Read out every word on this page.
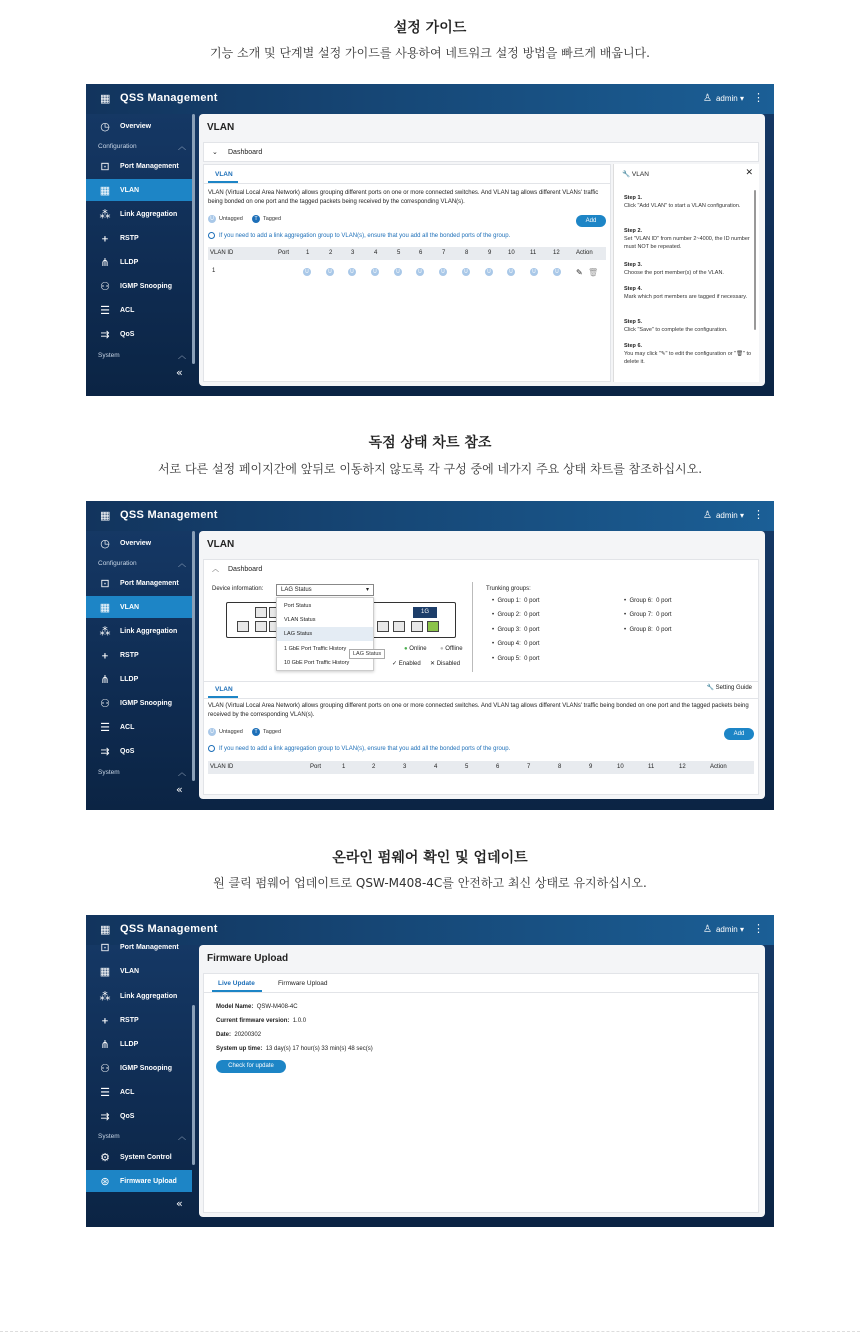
설정 가이드
기능 소개 및 단계별 설정 가이드를 사용하여 네트워크 설정 방법을 빠르게 배웁니다.
▦ QSS Management	♙ admin ▾ ⋮
◷	Overview
Configuration	︿
⊡	Port Management
▦ VLAN
⁂ Link Aggregation
ᚐ	RSTP
⋔	LLDP
⚇ IGMP Snooping
☰ ACL
⇉	QoS
System	︿
«
VLAN
⌄ Dashboard
VLAN
VLAN (Virtual Local Area Network) allows grouping different ports on one or more connected switches. And VLAN tag allows different VLANs' traffic being bonded on one port and the tagged packets being received by the corresponding VLAN(s).
U Untagged	T Tagged	Add
If you need to add a link aggregation group to VLAN(s), ensure that you add all the bonded ports of the group.
VLAN ID	Port	1	2	3	4	5	6	7	8	9	10	11	12	Action
1	U	U	U	U	U	U	U	U	U	U	U	U ✎ 🗑
🔧 VLAN	✕
Step 1.
Click "Add VLAN" to start a VLAN configuration.
Step 2.
Set "VLAN ID" from number 2~4000, the ID number must NOT be repeated.
Step 3.
Choose the port member(s) of the VLAN.
Step 4.
Mark which port members are tagged if necessary.
Step 5.
Click "Save" to complete the configuration.
Step 6.
You may click "✎" to edit the configuration or "🗑" to delete it.
독점 상태 차트 참조
서로 다른 설정 페이지간에 앞뒤로 이동하지 않도록 각 구성 중에 네가지 주요 상태 차트를 참조하십시오.
▦ QSS Management	♙ admin ▾ ⋮
◷	Overview
Configuration	︿
⊡	Port Management
▦ VLAN
⁂ Link Aggregation
ᚐ	RSTP
⋔	LLDP
⚇ IGMP Snooping
☰ ACL
⇉	QoS
System	︿
«
VLAN
︿ Dashboard
Device information:	LAG Status	▾
1G
Port Status
VLAN Status
LAG Status
1 GbE Port Traffic History
10 GbE Port Traffic History
LAG Status
● Online ● Offline
✓ Enabled ✕ Disabled
Trunking groups:
•  Group 1: 0 port
•  Group 2: 0 port
•  Group 3: 0 port
•  Group 4: 0 port
•  Group 5: 0 port
•  Group 6: 0 port
•  Group 7: 0 port
•  Group 8: 0 port
VLAN	🔧 Setting Guide
VLAN (Virtual Local Area Network) allows grouping different ports on one or more connected switches. And VLAN tag allows different VLANs' traffic being bonded on one port and the tagged packets being received by the corresponding VLAN(s).
U Untagged	T Tagged	Add
If you need to add a link aggregation group to VLAN(s), ensure that you add all the bonded ports of the group.
VLAN ID	Port	1	2	3	4	5	6	7	8	9	10	11	12	Action
온라인 펌웨어 확인 및 업데이트
원 클릭 펌웨어 업데이트로 QSW-M408-4C를 안전하고 최신 상태로 유지하십시오.
▦ QSS Management	♙ admin ▾ ⋮
⊡	Port Management
▦ VLAN
⁂ Link Aggregation
ᚐ	RSTP
⋔	LLDP
⚇ IGMP Snooping
☰ ACL
⇉	QoS
System	︿
⚙ System Control
⊛	Firmware Upload
«
Firmware Upload
Live Update	Firmware Upload
Model Name: QSW-M408-4C
Current firmware version: 1.0.0
Date: 20200302
System up time: 13 day(s) 17 hour(s) 33 min(s) 48 sec(s)
Check for update
